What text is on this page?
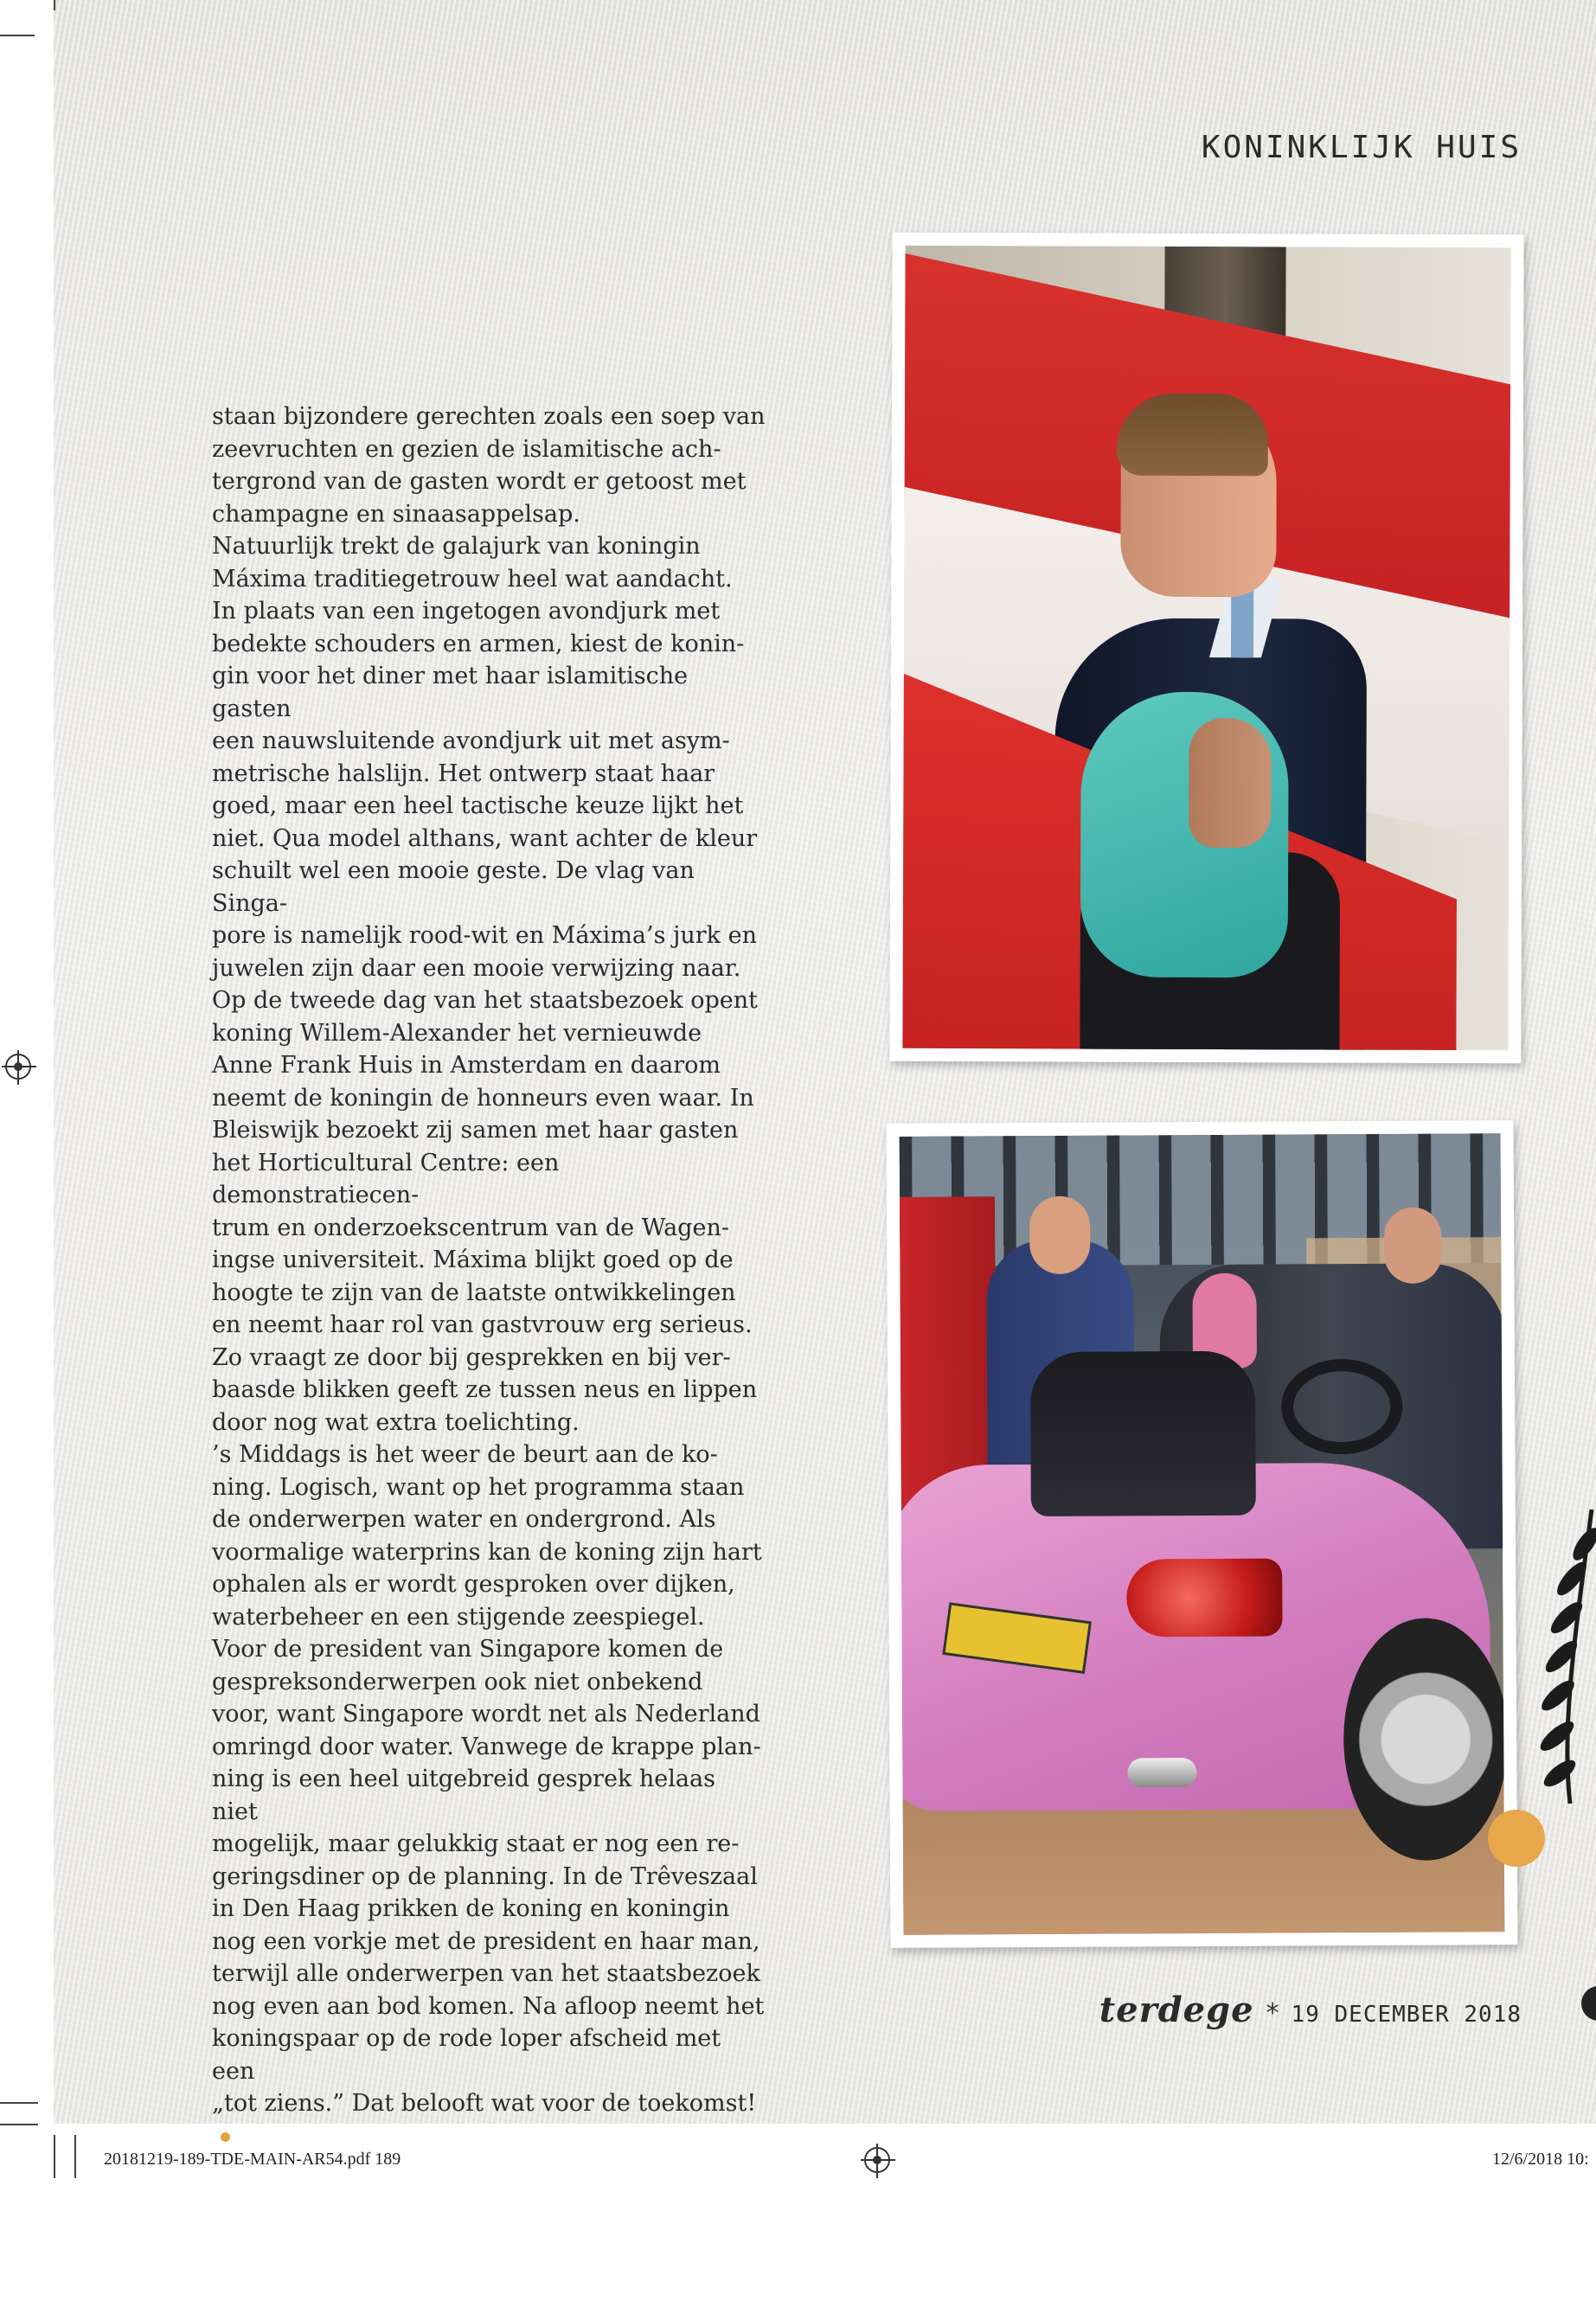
KONINKLIJK HUIS
staan bijzondere gerechten zoals een soep van
zeevruchten en gezien de islamitische ach-
tergrond van de gasten wordt er getoost met
champagne en sinaasappelsap.
Natuurlijk trekt de galajurk van koningin
Máxima traditiegetrouw heel wat aandacht.
In plaats van een ingetogen avondjurk met
bedekte schouders en armen, kiest de konin-
gin voor het diner met haar islamitische gasten
een nauwsluitende avondjurk uit met asym-
metrische halslijn. Het ontwerp staat haar
goed, maar een heel tactische keuze lijkt het
niet. Qua model althans, want achter de kleur
schuilt wel een mooie geste. De vlag van Singa-
pore is namelijk rood-wit en Máxima’s jurk en
juwelen zijn daar een mooie verwijzing naar.
Op de tweede dag van het staatsbezoek opent
koning Willem-Alexander het vernieuwde
Anne Frank Huis in Amsterdam en daarom
neemt de koningin de honneurs even waar. In
Bleiswijk bezoekt zij samen met haar gasten
het Horticultural Centre: een demonstratiecen-
trum en onderzoekscentrum van de Wagen-
ingse universiteit. Máxima blijkt goed op de
hoogte te zijn van de laatste ontwikkelingen
en neemt haar rol van gastvrouw erg serieus.
Zo vraagt ze door bij gesprekken en bij ver-
baasde blikken geeft ze tussen neus en lippen
door nog wat extra toelichting.
’s Middags is het weer de beurt aan de ko-
ning. Logisch, want op het programma staan
de onderwerpen water en ondergrond. Als
voormalige waterprins kan de koning zijn hart
ophalen als er wordt gesproken over dijken,
waterbeheer en een stijgende zeespiegel.
Voor de president van Singapore komen de
gespreksonderwerpen ook niet onbekend
voor, want Singapore wordt net als Nederland
omringd door water. Vanwege de krappe plan-
ning is een heel uitgebreid gesprek helaas niet
mogelijk, maar gelukkig staat er nog een re-
geringsdiner op de planning. In de Trêveszaal
in Den Haag prikken de koning en koningin
nog een vorkje met de president en haar man,
terwijl alle onderwerpen van het staatsbezoek
nog even aan bod komen. Na afloop neemt het
koningspaar op de rode loper afscheid met een
„tot ziens.” Dat belooft wat voor de toekomst!
terdege * 19 DECEMBER 2018
20181219-189-TDE-MAIN-AR54.pdf 189	12/6/2018 10:
